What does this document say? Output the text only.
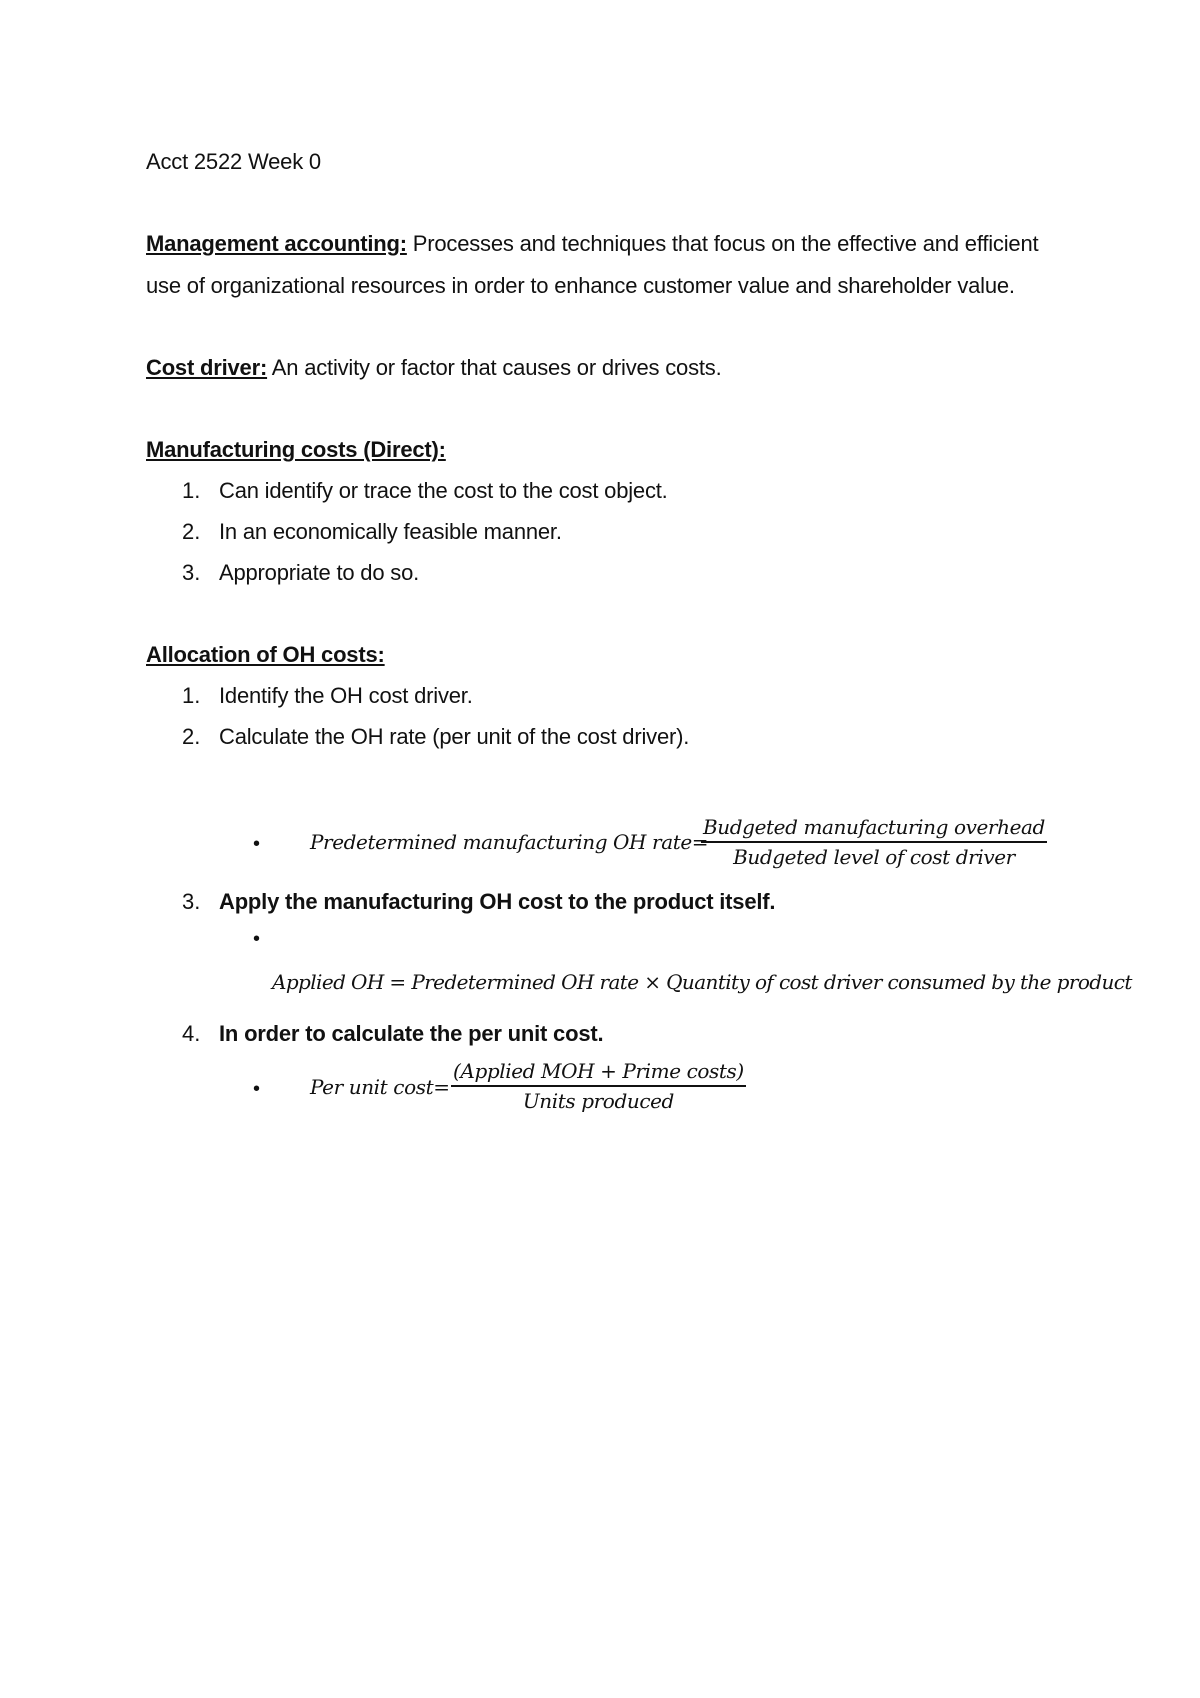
Acct 2522 Week 0
Management accounting: Processes and techniques that focus on the effective and efficient
use of organizational resources in order to enhance customer value and shareholder value.
Cost driver: An activity or factor that causes or drives costs.
Manufacturing costs (Direct):
1. Can identify or trace the cost to the cost object.
2. In an economically feasible manner.
3. Appropriate to do so.
Allocation of OH costs:
1. Identify the OH cost driver.
2. Calculate the OH rate (per unit of the cost driver).
• Predetermined manufacturing OH rate=
Budgeted manufacturing overhead
Budgeted level of cost driver
3. Apply the manufacturing OH cost to the product itself.
•
Applied OH = Predetermined OH rate × Quantity of cost driver consumed by the product
4. In order to calculate the per unit cost.
• Per unit cost=
(Applied MOH + Prime costs)
Units produced
